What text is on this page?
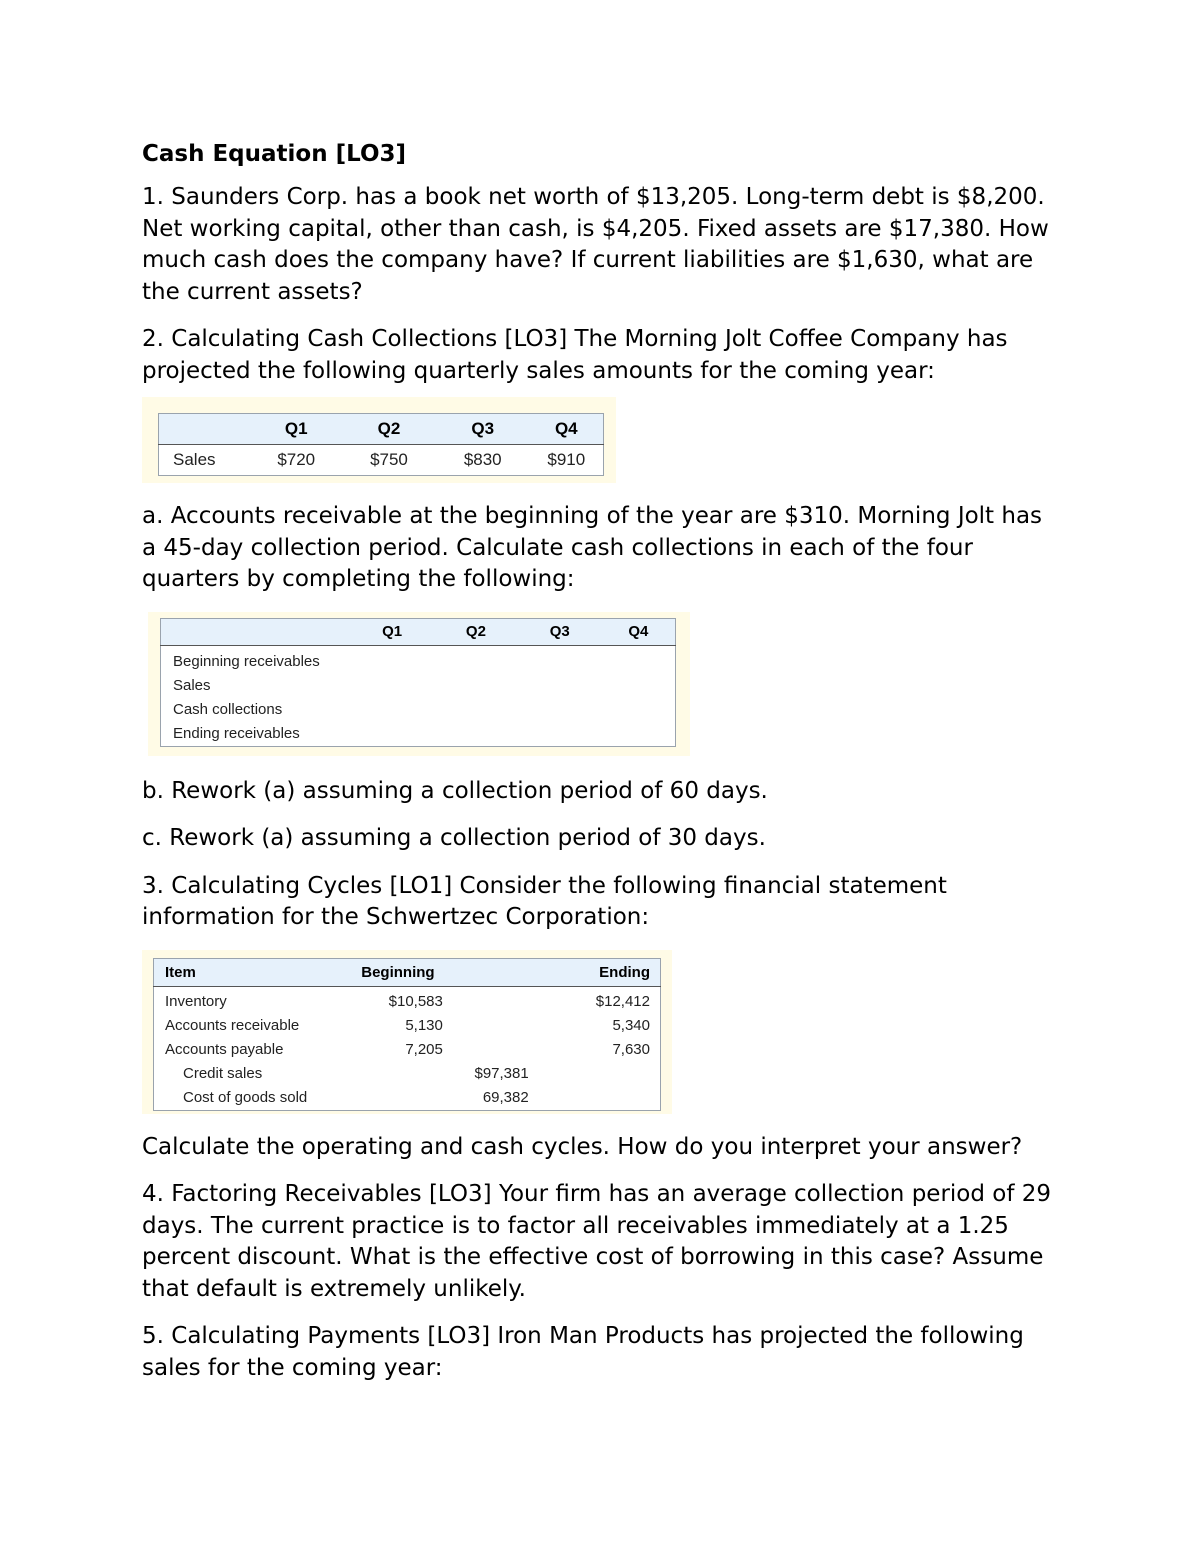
Cash Equation [LO3]

1. Saunders Corp. has a book net worth of $13,205. Long-term debt is $8,200. Net working capital, other than cash, is $4,205. Fixed assets are $17,380. How much cash does the company have? If current liabilities are $1,630, what are the current assets?

2. Calculating Cash Collections [LO3] The Morning Jolt Coffee Company has projected the following quarterly sales amounts for the coming year:

	Q1	Q2	Q3	Q4
Sales	$720	$750	$830	$910

a. Accounts receivable at the beginning of the year are $310. Morning Jolt has a 45-day collection period. Calculate cash collections in each of the four quarters by completing the following:

	Q1	Q2	Q3	Q4
Beginning receivables				
Sales				
Cash collections				
Ending receivables				

b. Rework (a) assuming a collection period of 60 days.

c. Rework (a) assuming a collection period of 30 days.

3. Calculating Cycles [LO1] Consider the following financial statement information for the Schwertzec Corporation:

Item	Beginning		Ending
Inventory	$10,583		$12,412
Accounts receivable	5,130		5,340
Accounts payable	7,205		7,630
Credit sales		$97,381	
Cost of goods sold		69,382	

Calculate the operating and cash cycles. How do you interpret your answer?

4. Factoring Receivables [LO3] Your firm has an average collection period of 29 days. The current practice is to factor all receivables immediately at a 1.25 percent discount. What is the effective cost of borrowing in this case? Assume that default is extremely unlikely.

5. Calculating Payments [LO3] Iron Man Products has projected the following sales for the coming year:
